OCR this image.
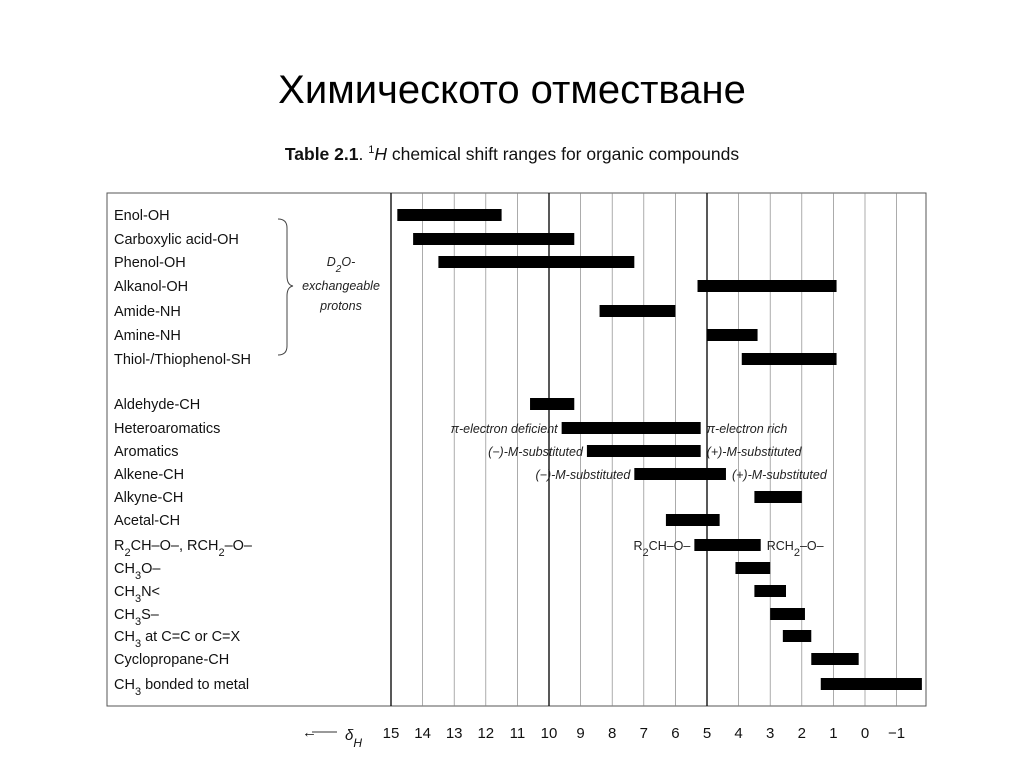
Химическото отместване
Table 2.1. $^1$H chemical shift ranges for organic compounds
Enol-OH
Carboxylic acid-OH
Phenol-OH
Alkanol-OH
Amide-NH
Amine-NH
Thiol-/Thiophenol-SH
Aldehyde-CH
Heteroaromatics
Aromatics
Alkene-CH
Alkyne-CH
Acetal-CH
$R_2CH-O-$, $RCH_2-O-$
$CH_3O-$
$CH_3N<$
$CH_3S-$
$CH_3$ at C=C or C=X
Cyclopropane-CH
$CH_3$ bonded to metal
π-electron deficient	π-electron rich
(−)-M-substituted	(+)-M-substituted
(−)-M-substituted	(+)-M-substituted
$R_2CH-O-$	$RCH_2-O-$
$D_2O-$
exchangeable
protons
15 14 13 12 11 10 9 8 7 6 5 4 3 2 1 0 −1
← $\delta_H$
